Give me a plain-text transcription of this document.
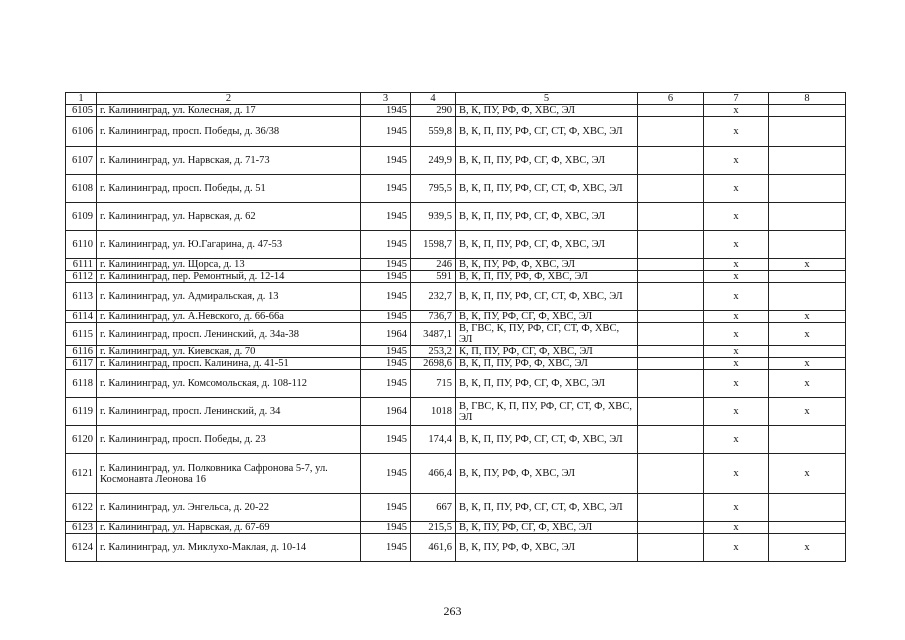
1	2	3	4	5	6	7	8
6105	г. Калининград, ул. Колесная, д. 17	1945	290	В, К, ПУ, РФ, Ф, ХВС, ЭЛ		х	
6106	г. Калининград, просп. Победы, д. 36/38	1945	559,8	В, К, П, ПУ, РФ, СГ, СТ, Ф, ХВС, ЭЛ		х	
6107	г. Калининград, ул. Нарвская, д. 71-73	1945	249,9	В, К, П, ПУ, РФ, СГ, Ф, ХВС, ЭЛ		х	
6108	г. Калининград, просп. Победы, д. 51	1945	795,5	В, К, П, ПУ, РФ, СГ, СТ, Ф, ХВС, ЭЛ		х	
6109	г. Калининград, ул. Нарвская, д. 62	1945	939,5	В, К, П, ПУ, РФ, СГ, Ф, ХВС, ЭЛ		х	
6110	г. Калининград, ул. Ю.Гагарина, д. 47-53	1945	1598,7	В, К, П, ПУ, РФ, СГ, Ф, ХВС, ЭЛ		х	
6111	г. Калининград, ул. Щорса, д. 13	1945	246	В, К, ПУ, РФ, Ф, ХВС, ЭЛ		х	х
6112	г. Калининград, пер. Ремонтный, д. 12-14	1945	591	В, К, П, ПУ, РФ, Ф, ХВС, ЭЛ		х	
6113	г. Калининград, ул. Адмиральская, д. 13	1945	232,7	В, К, П, ПУ, РФ, СГ, СТ, Ф, ХВС, ЭЛ		х	
6114	г. Калининград, ул. А.Невского, д. 66-66а	1945	736,7	В, К, ПУ, РФ, СГ, Ф, ХВС, ЭЛ		х	х
6115	г. Калининград, просп. Ленинский, д. 34а-38	1964	3487,1	В, ГВС, К, ПУ, РФ, СГ, СТ, Ф, ХВС, ЭЛ		х	х
6116	г. Калининград, ул. Киевская, д. 70	1945	253,2	К, П, ПУ, РФ, СГ, Ф, ХВС, ЭЛ		х	
6117	г. Калининград, просп. Калинина, д. 41-51	1945	2698,6	В, К, П, ПУ, РФ, Ф, ХВС, ЭЛ		х	х
6118	г. Калининград, ул. Комсомольская, д. 108-112	1945	715	В, К, П, ПУ, РФ, СГ, Ф, ХВС, ЭЛ		х	х
6119	г. Калининград, просп. Ленинский, д. 34	1964	1018	В, ГВС, К, П, ПУ, РФ, СГ, СТ, Ф, ХВС, ЭЛ		х	х
6120	г. Калининград, просп. Победы, д. 23	1945	174,4	В, К, П, ПУ, РФ, СГ, СТ, Ф, ХВС, ЭЛ		х	
6121	г. Калининград, ул. Полковника Сафронова 5-7, ул. Космонавта Леонова 16	1945	466,4	В, К, ПУ, РФ, Ф, ХВС, ЭЛ		х	х
6122	г. Калининград, ул. Энгельса, д. 20-22	1945	667	В, К, П, ПУ, РФ, СГ, СТ, Ф, ХВС, ЭЛ		х	
6123	г. Калининград, ул. Нарвская, д. 67-69	1945	215,5	В, К, ПУ, РФ, СГ, Ф, ХВС, ЭЛ		х	
6124	г. Калининград, ул. Миклухо-Маклая, д. 10-14	1945	461,6	В, К, ПУ, РФ, Ф, ХВС, ЭЛ		х	х
263
